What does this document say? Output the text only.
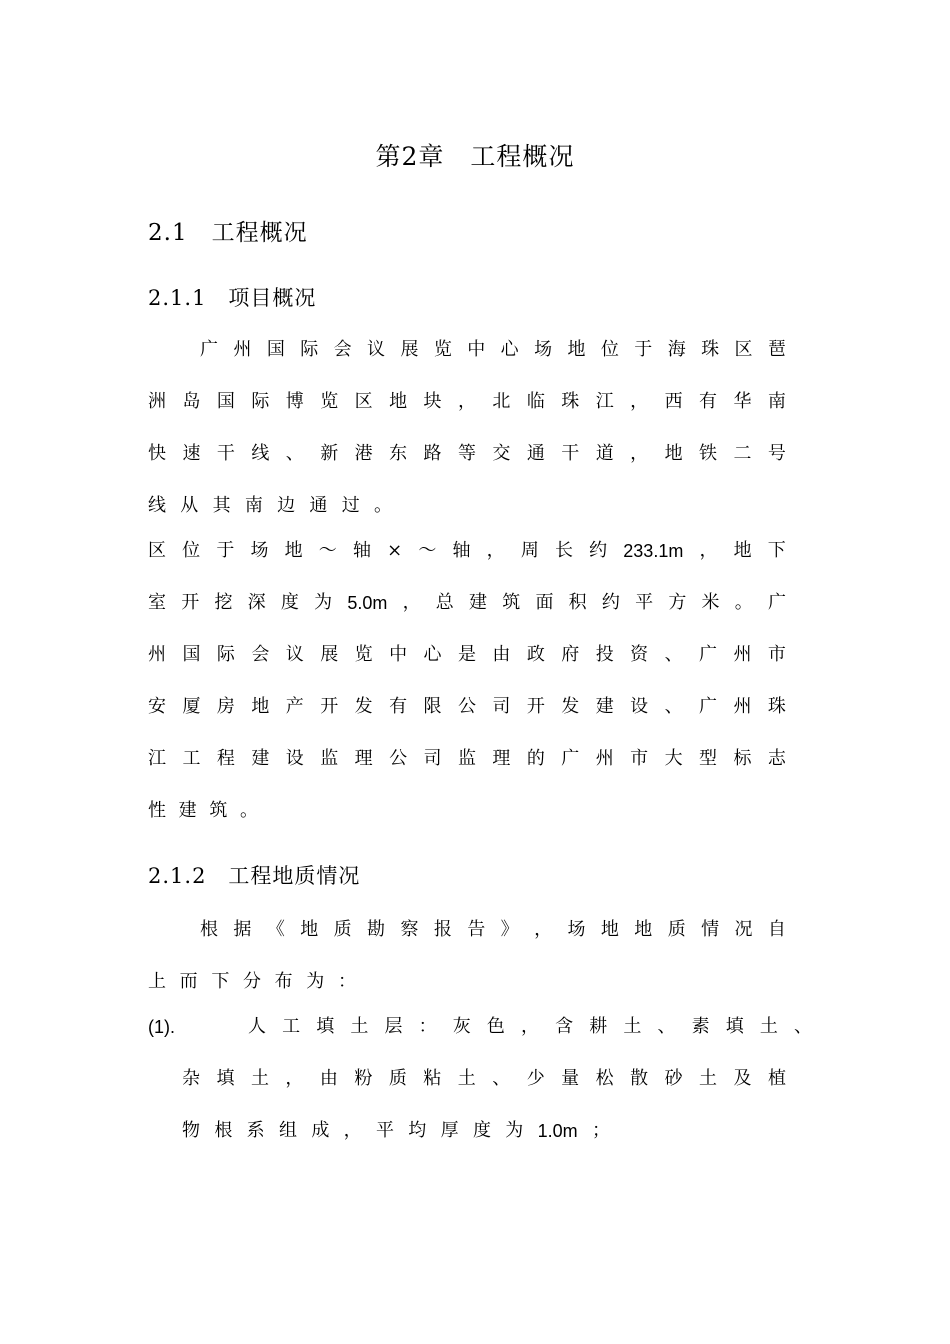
第2章　工程概况
2.1　工程概况
2.1.1　项目概况
广 州 国 际 会 议 展 览 中 心 场 地 位 于 海 珠 区 琶
洲 岛 国 际 博 览 区 地 块 ， 北 临 珠 江 ， 西 有 华 南
快 速 干 线 、 新 港 东 路 等 交 通 干 道 ， 地 铁 二 号
线 从 其 南 边 通 过 。
区 位 于 场 地 ～ 轴 × ～ 轴 ， 周 长 约 233.1m ， 地 下
室 开 挖 深 度 为 5.0m ， 总 建 筑 面 积 约 平 方 米 。 广
州 国 际 会 议 展 览 中 心 是 由 政 府 投 资 、 广 州 市
安 厦 房 地 产 开 发 有 限 公 司 开 发 建 设 、 广 州 珠
江 工 程 建 设 监 理 公 司 监 理 的 广 州 市 大 型 标 志
性 建 筑 。
2.1.2　工程地质情况
根 据 《 地 质 勘 察 报 告 》 ， 场 地 地 质 情 况 自
上 而 下 分 布 为 ：
(1).	人 工 填 土 层 ： 灰 色 ， 含 耕 土 、 素 填 土 、
杂 填 土 ， 由 粉 质 粘 土 、 少 量 松 散 砂 土 及 植
物 根 系 组 成 ， 平 均 厚 度 为 1.0m ；
